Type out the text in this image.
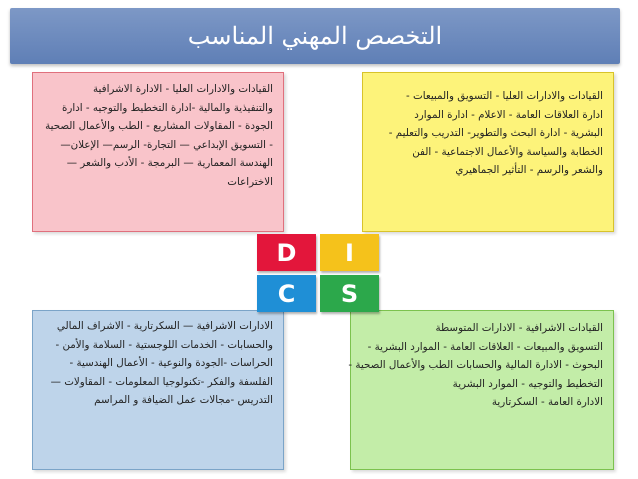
التخصص المهني المناسب
القيادات والادارات العليا - الادارة الاشرافية
والتنفيذية والمالية -ادارة التخطيط والتوجيه - ادارة
الجودة - المقاولات المشاريع - الطب والأعمال الصحية
- التسويق الإبداعي — التجارة- الرسم— الإعلان—
الهندسة المعمارية — البرمجة - الأدب والشعر —
الاختراعات
القيادات والادارات العليا - التسويق والمبيعات -
ادارة العلاقات العامة - الاعلام - ادارة الموارد
البشرية - ادارة البحث والتطوير- التدريب والتعليم -
الخطابة والسياسة والأعمال الاجتماعية - الفن
والشعر والرسم - التأثير الجماهيري
الادارات الاشرافية — السكرتارية - الاشراف المالي
والحسابات - الخدمات اللوجستية - السلامة والأمن -
الحراسات -الجودة والنوعية - الأعمال الهندسية -
الفلسفة والفكر -تكنولوجيا المعلومات - المقاولات —
التدريس -مجالات عمل الضيافة و المراسم
القيادات الاشرافية - الادارات المتوسطة
التسويق والمبيعات - العلاقات العامة - الموارد البشرية -
البحوث - الادارة المالية والحسابات الطب والأعمال الصحية -
التخطيط والتوجيه - الموارد البشرية
الادارة العامة - السكرتارية
D	I
C	S
